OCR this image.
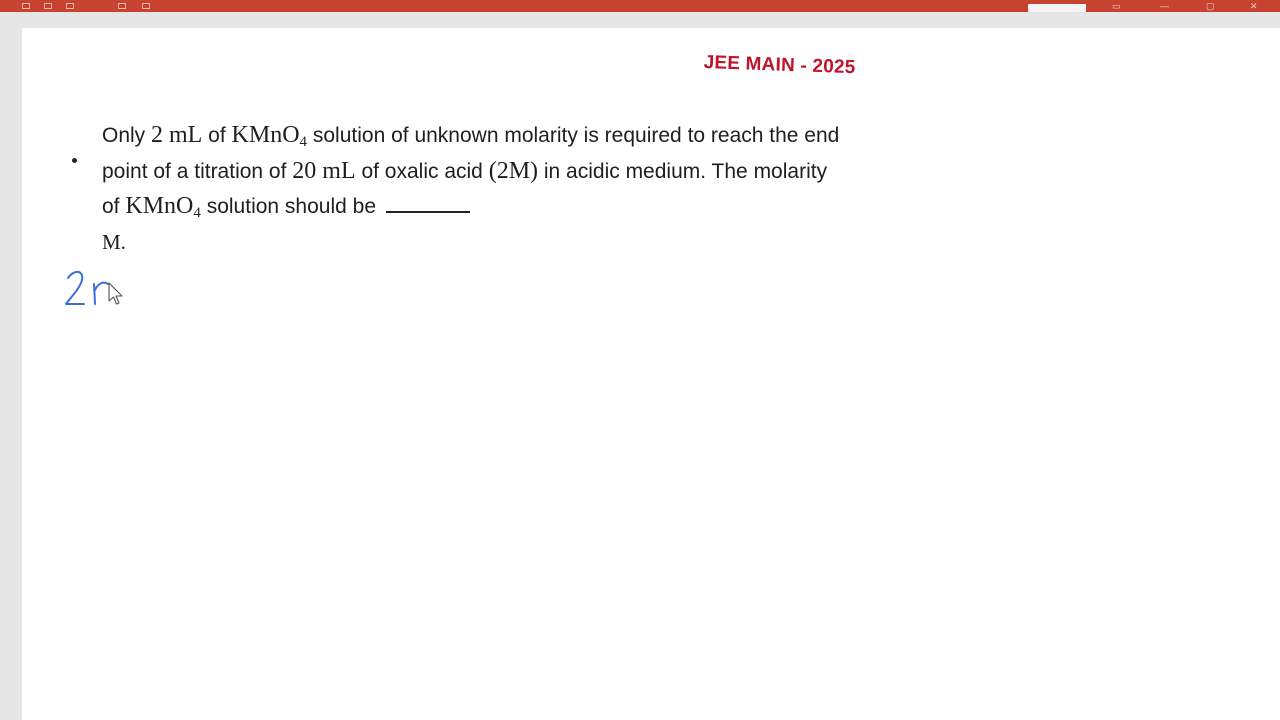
▭	—	▢	✕
JEE MAIN - 2025
Only 2 mL of KMnO$_4$ solution of unknown molarity is required to reach the end point of a titration of 20 mL of oxalic acid (2M) in acidic medium. The molarity of KMnO$_4$ solution should be
M.
